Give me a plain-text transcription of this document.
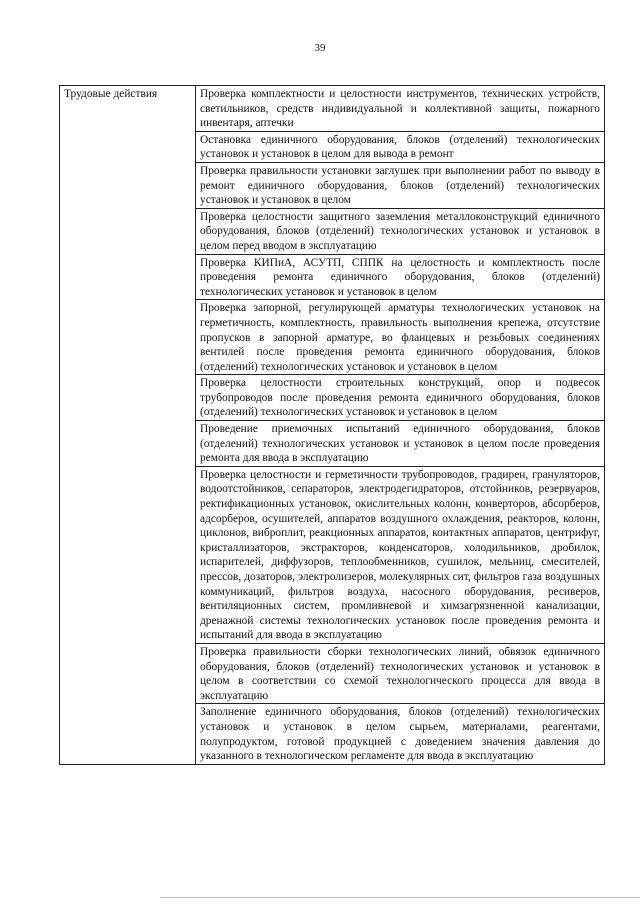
39
Трудовые действия	Проверка комплектности и целостности инструментов, технических устройств, светильников, средств индивидуальной и коллективной защиты, пожарного инвентаря, аптечки
Остановка единичного оборудования, блоков (отделений) технологических установок и установок в целом для вывода в ремонт
Проверка правильности установки заглушек при выполнении работ по выводу в ремонт единичного оборудования, блоков (отделений) технологических установок и установок в целом
Проверка целостности защитного заземления металлоконструкций единичного оборудования, блоков (отделений) технологических установок и установок в целом перед вводом в эксплуатацию
Проверка КИПиА, АСУТП, СППК на целостность и комплектность после проведения ремонта единичного оборудования, блоков (отделений) технологических установок и установок в целом
Проверка запорной, регулирующей арматуры технологических установок на герметичность, комплектность, правильность выполнения крепежа, отсутствие пропусков в запорной арматуре, во фланцевых и резьбовых соединениях вентилей после проведения ремонта единичного оборудования, блоков (отделений) технологических установок и установок в целом
Проверка целостности строительных конструкций, опор и подвесок трубопроводов после проведения ремонта единичного оборудования, блоков (отделений) технологических установок и установок в целом
Проведение приемочных испытаний единичного оборудования, блоков (отделений) технологических установок и установок в целом после проведения ремонта для ввода в эксплуатацию
Проверка целостности и герметичности трубопроводов, градирен, грануляторов, водоотстойников, сепараторов, электродегидраторов, отстойников, резервуаров, ректификационных установок, окислительных колонн, конверторов, абсорберов, адсорберов, осушителей, аппаратов воздушного охлаждения, реакторов, колонн, циклонов, виброплит, реакционных аппаратов, контактных аппаратов, центрифуг, кристаллизаторов, экстракторов, конденсаторов, холодильников, дробилок, испарителей, диффузоров, теплообменников, сушилок, мельниц, смесителей, прессов, дозаторов, электролизеров, молекулярных сит, фильтров газа воздушных коммуникаций, фильтров воздуха, насосного оборудования, ресиверов, вентиляционных систем, промливневой и химзагрязненной канализации, дренажной системы технологических установок после проведения ремонта и испытаний для ввода в эксплуатацию
Проверка правильности сборки технологических линий, обвязок единичного оборудования, блоков (отделений) технологических установок и установок в целом в соответствии со схемой технологического процесса для ввода в эксплуатацию
Заполнение единичного оборудования, блоков (отделений) технологических установок и установок в целом сырьем, материалами, реагентами, полупродуктом, готовой продукцией с доведением значения давления до указанного в технологическом регламенте для ввода в эксплуатацию
